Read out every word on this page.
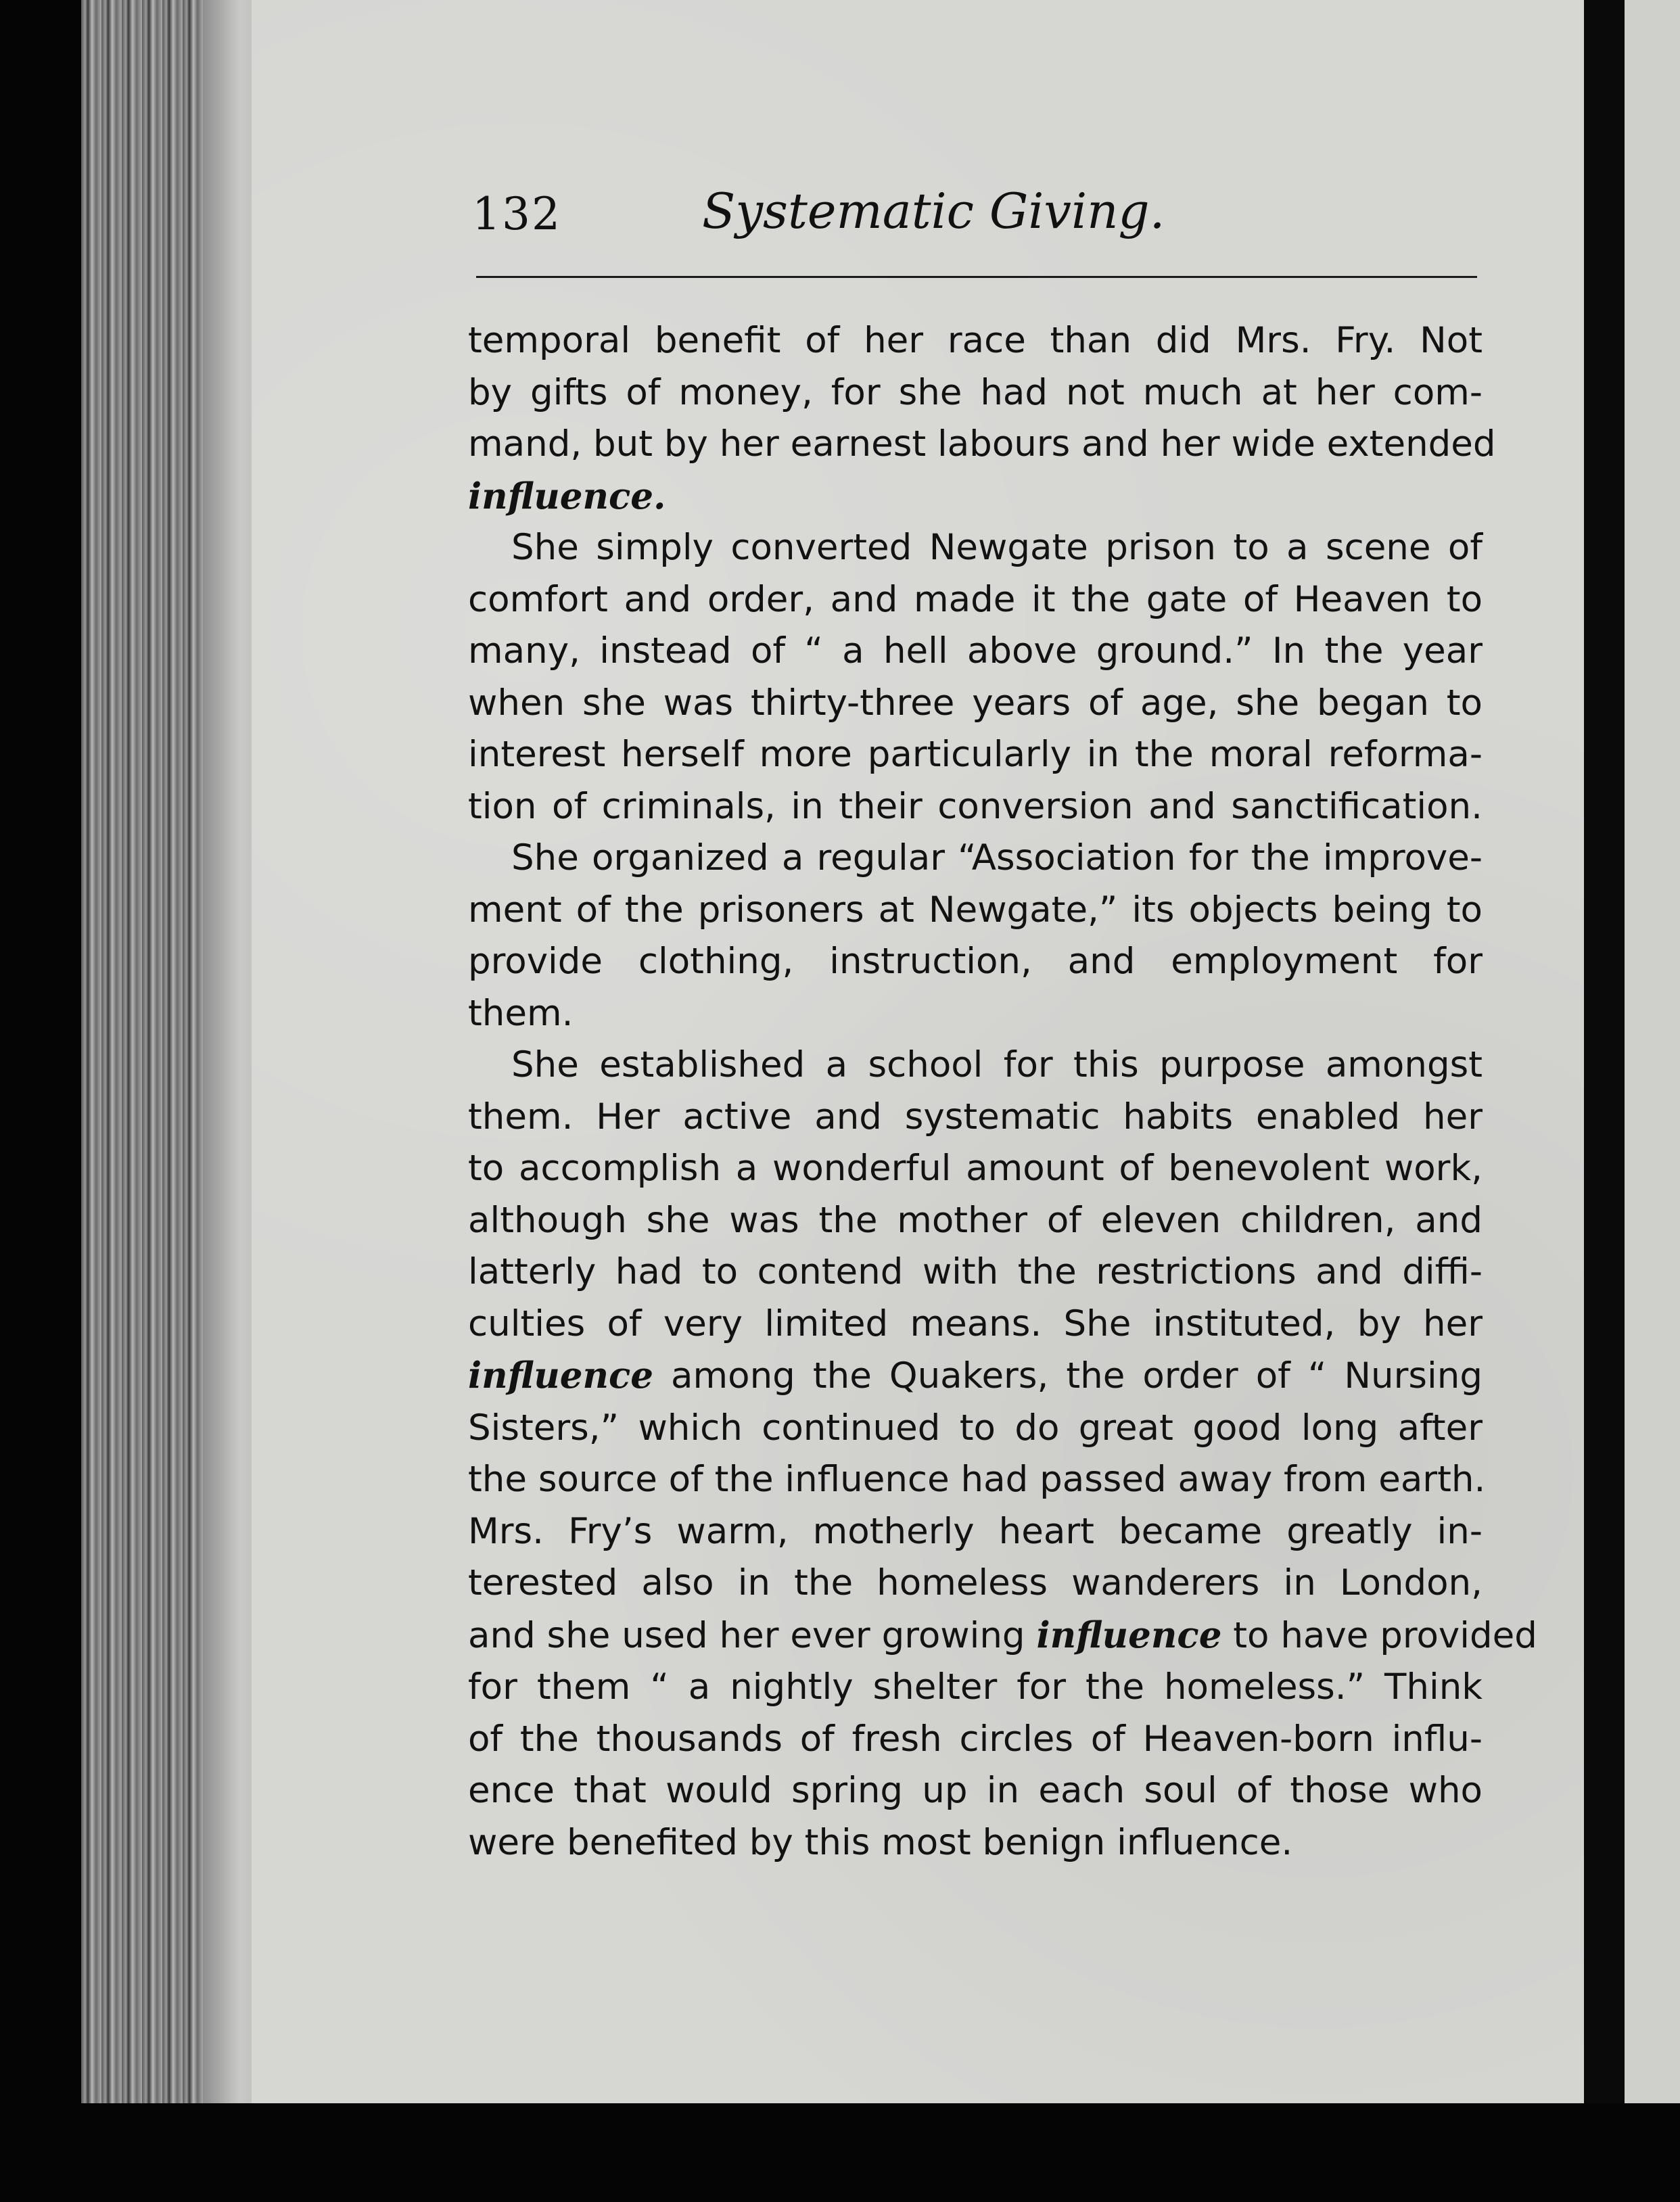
132	Systematic Giving.

temporal benefit of her race than did Mrs. Fry. Not
by gifts of money, for she had not much at her com-
mand, but by her earnest labours and her wide extended
influence.

She simply converted Newgate prison to a scene of
comfort and order, and made it the gate of Heaven to
many, instead of “ a hell above ground.” In the year
when she was thirty-three years of age, she began to
interest herself more particularly in the moral reforma-
tion of criminals, in their conversion and sanctification.

She organized a regular “Association for the improve-
ment of the prisoners at Newgate,” its objects being to
provide clothing, instruction, and employment for
them.

She established a school for this purpose amongst
them. Her active and systematic habits enabled her
to accomplish a wonderful amount of benevolent work,
although she was the mother of eleven children, and
latterly had to contend with the restrictions and diffi-
culties of very limited means. She instituted, by her
influence among the Quakers, the order of “ Nursing
Sisters,” which continued to do great good long after
the source of the influence had passed away from earth.
Mrs. Fry’s warm, motherly heart became greatly in-
terested also in the homeless wanderers in London,
and she used her ever growing influence to have provided
for them “ a nightly shelter for the homeless.” Think
of the thousands of fresh circles of Heaven-born influ-
ence that would spring up in each soul of those who
were benefited by this most benign influence.
